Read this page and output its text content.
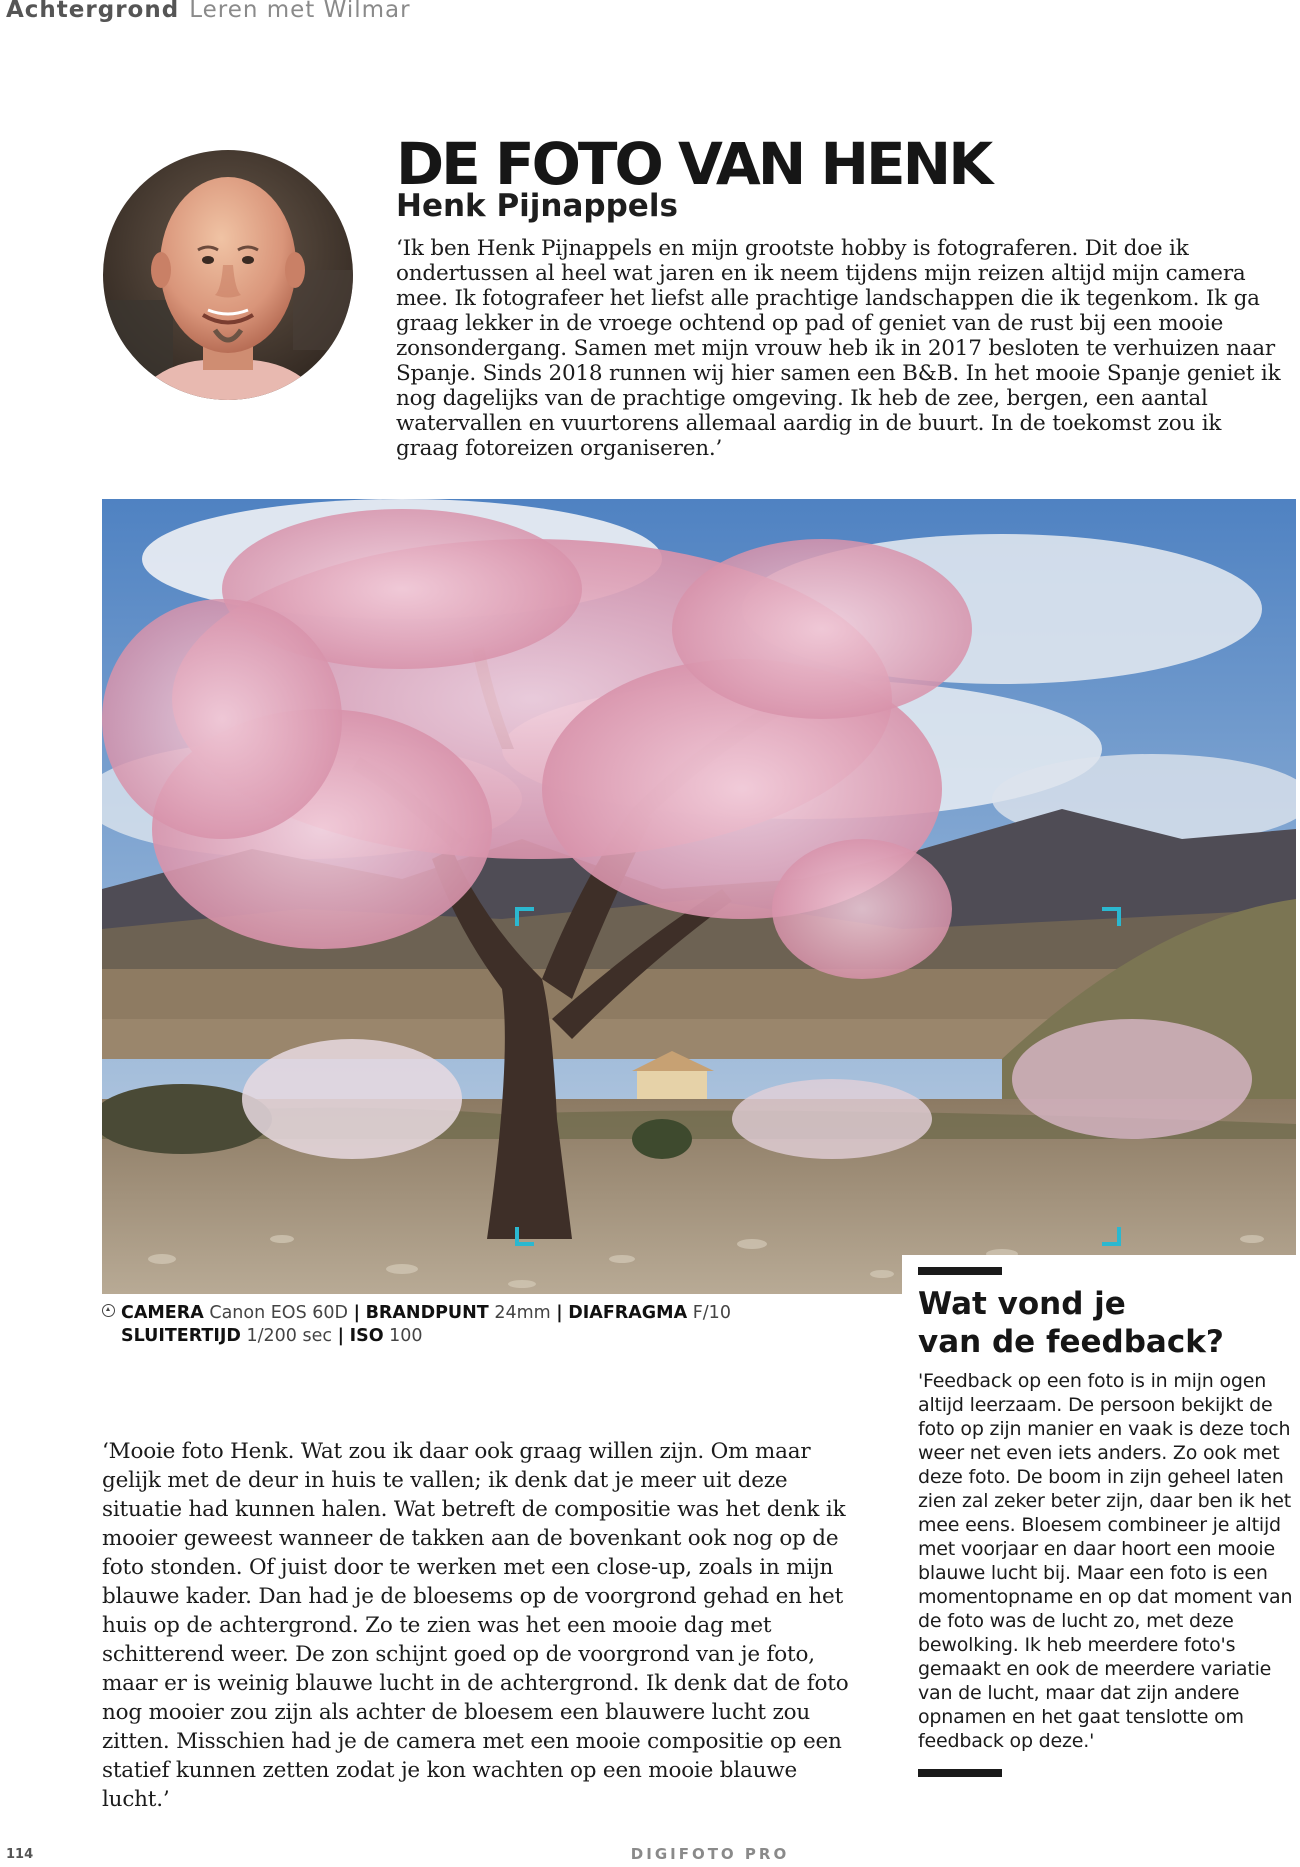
Achtergrond Leren met Wilmar
DE FOTO VAN HENK
Henk Pijnappels
‘Ik ben Henk Pijnappels en mijn grootste hobby is fotograferen. Dit doe ik ondertussen al heel wat jaren en ik neem tijdens mijn reizen altijd mijn camera mee. Ik fotografeer het liefst alle prachtige landschappen die ik tegenkom. Ik ga graag lekker in de vroege ochtend op pad of geniet van de rust bij een mooie zonsondergang. Samen met mijn vrouw heb ik in 2017 besloten te verhuizen naar Spanje. Sinds 2018 runnen wij hier samen een B&B. In het mooie Spanje geniet ik nog dagelijks van de prachtige omgeving. Ik heb de zee, bergen, een aantal watervallen en vuurtorens allemaal aardig in de buurt. In de toekomst zou ik graag fotoreizen organiseren.’
CAMERA Canon EOS 60D | BRANDPUNT 24mm | DIAFRAGMA F/10
SLUITERTIJD 1/200 sec | ISO 100
‘Mooie foto Henk. Wat zou ik daar ook graag willen zijn. Om maar gelijk met de deur in huis te vallen; ik denk dat je meer uit deze situatie had kunnen halen. Wat betreft de compositie was het denk ik mooier geweest wanneer de takken aan de bovenkant ook nog op de foto stonden. Of juist door te werken met een close-up, zoals in mijn blauwe kader. Dan had je de bloesems op de voorgrond gehad en het huis op de achtergrond. Zo te zien was het een mooie dag met schitterend weer. De zon schijnt goed op de voorgrond van je foto, maar er is weinig blauwe lucht in de achtergrond. Ik denk dat de foto nog mooier zou zijn als achter de bloesem een blauwere lucht zou zitten. Misschien had je de camera met een mooie compositie op een statief kunnen zetten zodat je kon wachten op een mooie blauwe lucht.’
Wat vond je
van de feedback?
'Feedback op een foto is in mijn ogen altijd leerzaam. De persoon bekijkt de foto op zijn manier en vaak is deze toch weer net even iets anders. Zo ook met deze foto. De boom in zijn geheel laten zien zal zeker beter zijn, daar ben ik het mee eens. Bloesem combineer je altijd met voorjaar en daar hoort een mooie blauwe lucht bij. Maar een foto is een momentopname en op dat moment van de foto was de lucht zo, met deze bewolking. Ik heb meerdere foto's gemaakt en ook de meerdere variatie van de lucht, maar dat zijn andere opnamen en het gaat tenslotte om feedback op deze.'
114	DIGIFOTO PRO
